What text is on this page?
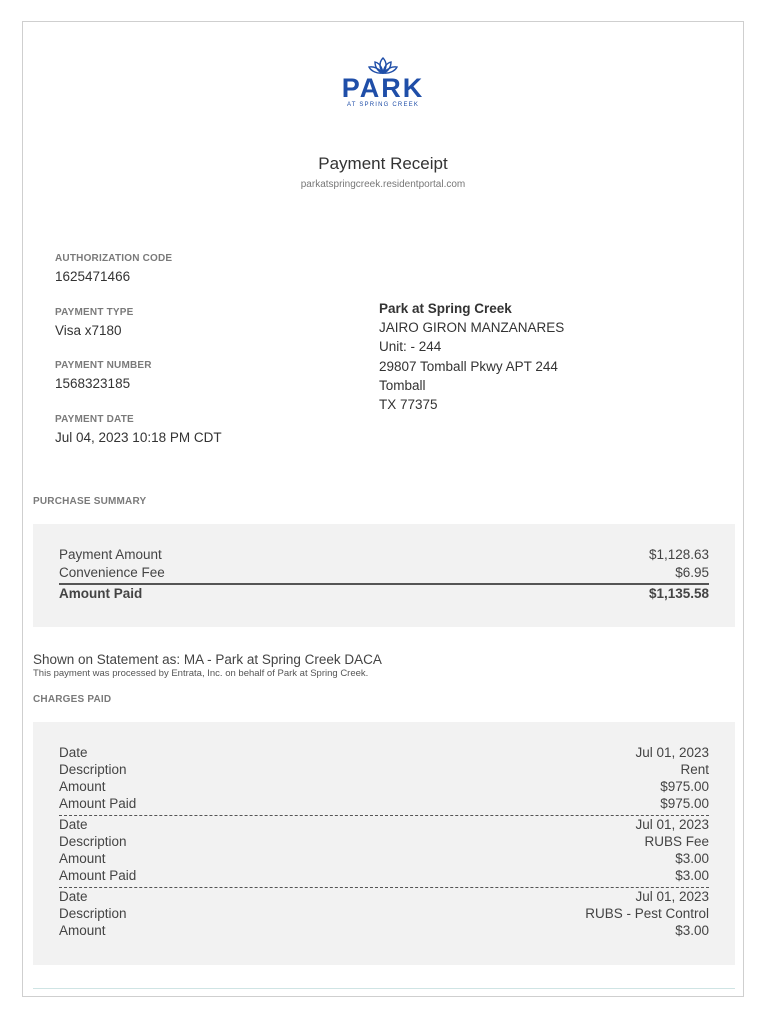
PARK
AT SPRING CREEK
Payment Receipt
parkatspringcreek.residentportal.com
AUTHORIZATION CODE
1625471466
PAYMENT TYPE
Visa x7180
PAYMENT NUMBER
1568323185
PAYMENT DATE
Jul 04, 2023 10:18 PM CDT
Park at Spring Creek
JAIRO GIRON MANZANARES
Unit: - 244
29807 Tomball Pkwy APT 244
Tomball
TX 77375
PURCHASE SUMMARY
Payment Amount	$1,128.63
Convenience Fee	$6.95
Amount Paid	$1,135.58
Shown on Statement as: MA - Park at Spring Creek DACA
This payment was processed by Entrata, Inc. on behalf of Park at Spring Creek.
CHARGES PAID
Date	Jul 01, 2023
Description	Rent
Amount	$975.00
Amount Paid	$975.00
Date	Jul 01, 2023
Description	RUBS Fee
Amount	$3.00
Amount Paid	$3.00
Date	Jul 01, 2023
Description	RUBS - Pest Control
Amount	$3.00
